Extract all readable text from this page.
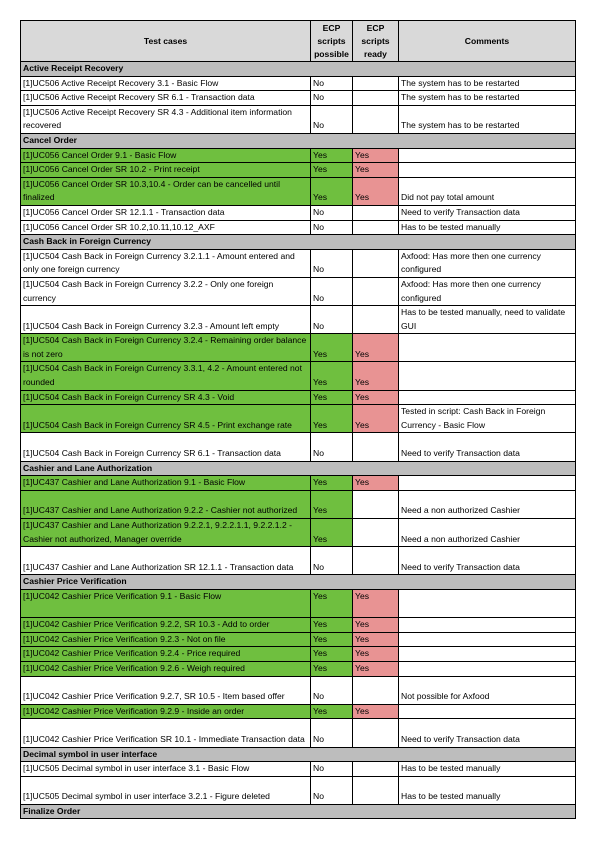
Test cases	ECP scripts possible	ECP scripts ready	Comments
Active Receipt Recovery			
[1]UC506 Active Receipt Recovery 3.1 - Basic Flow	No		The system has to be restarted
[1]UC506 Active Receipt Recovery SR 6.1 - Transaction data	No		The system has to be restarted
[1]UC506 Active Receipt Recovery SR 4.3 - Additional item information recovered	No		The system has to be restarted
Cancel Order			
[1]UC056 Cancel Order 9.1 - Basic Flow	Yes	Yes	
[1]UC056 Cancel Order SR 10.2 - Print receipt	Yes	Yes	
[1]UC056 Cancel Order SR 10.3,10.4 - Order can be cancelled until finalized	Yes	Yes	Did not pay total amount
[1]UC056 Cancel Order SR 12.1.1 - Transaction data	No		Need to verify Transaction data
[1]UC056 Cancel Order SR 10.2,10.11,10.12_AXF	No		Has to be tested manually
Cash Back in Foreign Currency			
[1]UC504 Cash Back in Foreign Currency 3.2.1.1 - Amount entered and only one foreign currency	No		Axfood: Has more then one currency configured
[1]UC504 Cash Back in Foreign Currency 3.2.2 - Only one foreign currency	No		Axfood: Has more then one currency configured
[1]UC504 Cash Back in Foreign Currency 3.2.3 - Amount left empty	No		Has to be tested manually, need to validate GUI
[1]UC504 Cash Back in Foreign Currency 3.2.4 - Remaining order balance is not zero	Yes	Yes	
[1]UC504 Cash Back in Foreign Currency 3.3.1, 4.2 - Amount entered not rounded	Yes	Yes	
[1]UC504 Cash Back in Foreign Currency SR 4.3 - Void	Yes	Yes	
[1]UC504 Cash Back in Foreign Currency SR 4.5 - Print exchange rate	Yes	Yes	Tested in script: Cash Back in Foreign Currency - Basic Flow
[1]UC504 Cash Back in Foreign Currency SR 6.1 - Transaction data	No		Need to verify Transaction data
Cashier and Lane Authorization			
[1]UC437 Cashier and Lane Authorization 9.1 - Basic Flow	Yes	Yes	
[1]UC437 Cashier and Lane Authorization 9.2.2 - Cashier not authorized	Yes		Need a non authorized Cashier
[1]UC437 Cashier and Lane Authorization 9.2.2.1, 9.2.2.1.1, 9.2.2.1.2 - Cashier not authorized, Manager override	Yes		Need a non authorized Cashier
[1]UC437 Cashier and Lane Authorization SR 12.1.1 - Transaction data	No		Need to verify Transaction data
Cashier Price Verification			
[1]UC042 Cashier Price Verification 9.1 - Basic Flow	Yes	Yes	
[1]UC042 Cashier Price Verification 9.2.2, SR 10.3 - Add to order	Yes	Yes	
[1]UC042 Cashier Price Verification 9.2.3 - Not on file	Yes	Yes	
[1]UC042 Cashier Price Verification 9.2.4 - Price required	Yes	Yes	
[1]UC042 Cashier Price Verification 9.2.6 - Weigh required	Yes	Yes	
[1]UC042 Cashier Price Verification 9.2.7, SR 10.5 - Item based offer	No		Not possible for Axfood
[1]UC042 Cashier Price Verification 9.2.9 - Inside an order	Yes	Yes	
[1]UC042 Cashier Price Verification SR 10.1 - Immediate Transaction data	No		Need to verify Transaction data
Decimal symbol in user interface			
[1]UC505 Decimal symbol in user interface 3.1 - Basic Flow	No		Has to be tested manually
[1]UC505 Decimal symbol in user interface 3.2.1 - Figure deleted	No		Has to be tested manually
Finalize Order			
